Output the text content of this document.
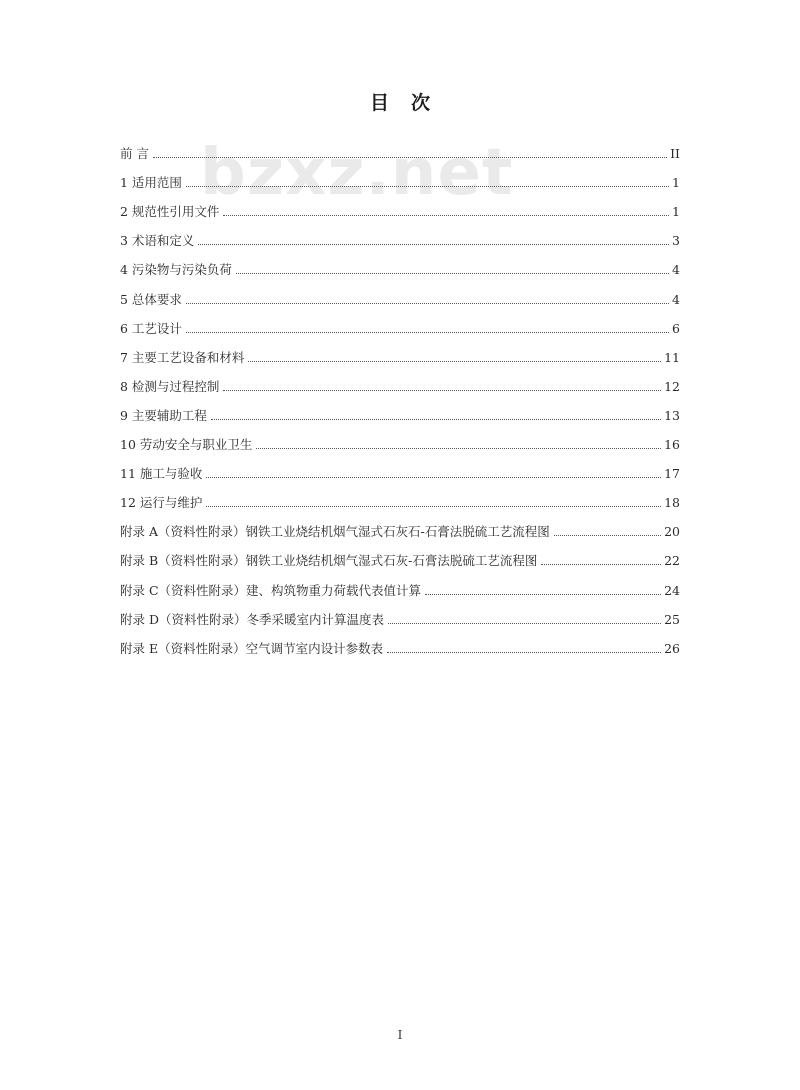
目 次
bzxz.net
前 言	II
1 适用范围	1
2 规范性引用文件	1
3 术语和定义	3
4 污染物与污染负荷	4
5 总体要求	4
6 工艺设计	6
7 主要工艺设备和材料	11
8 检测与过程控制	12
9 主要辅助工程	13
10 劳动安全与职业卫生	16
11 施工与验收	17
12 运行与维护	18
附录 A（资料性附录）钢铁工业烧结机烟气湿式石灰石-石膏法脱硫工艺流程图	20
附录 B（资料性附录）钢铁工业烧结机烟气湿式石灰-石膏法脱硫工艺流程图	22
附录 C（资料性附录）建、构筑物重力荷载代表值计算	24
附录 D（资料性附录）冬季采暖室内计算温度表	25
附录 E（资料性附录）空气调节室内设计参数表	26
I
